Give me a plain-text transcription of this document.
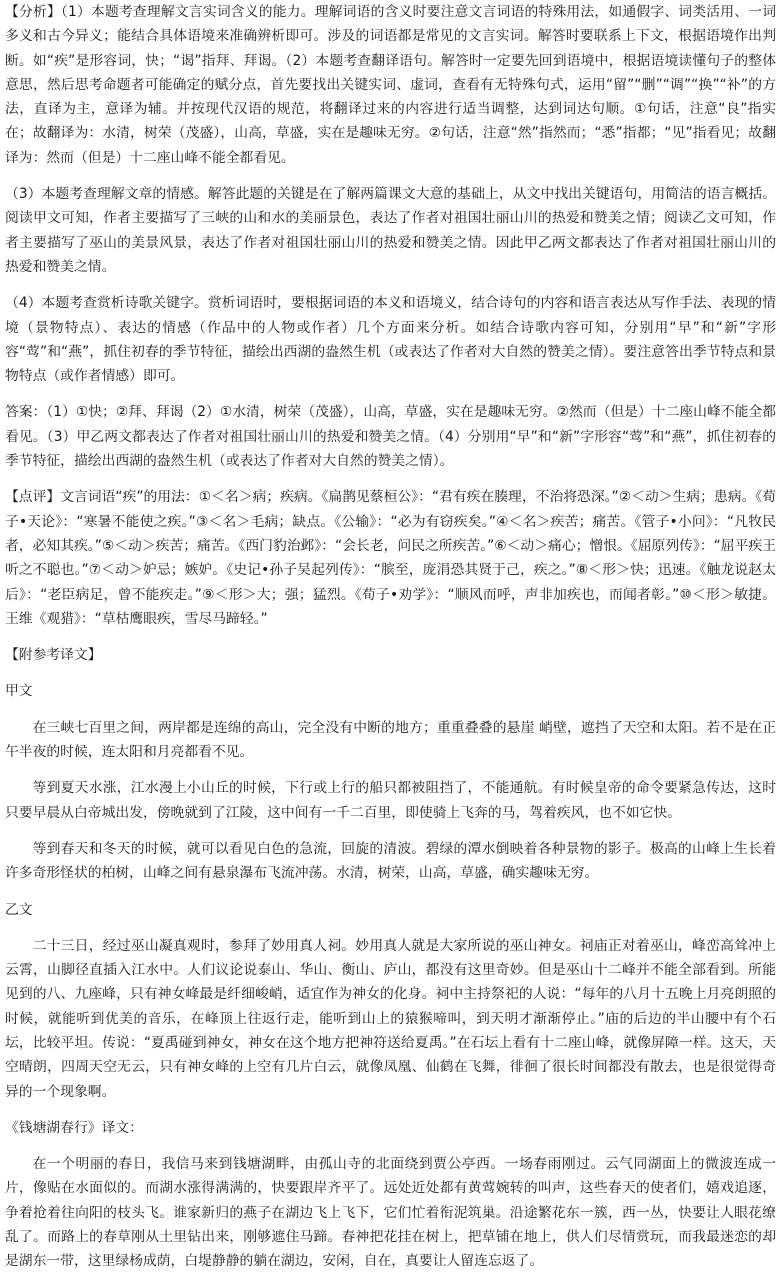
【分析】（1）本题考查理解文言实词含义的能力。理解词语的含义时要注意文言词语的特殊用法，如通假字、词类活用、一词多义和古今异义；能结合具体语境来准确辨析即可。涉及的词语都是常见的文言实词。解答时要联系上下文，根据语境作出判断。如“疾”是形容词，快；“谒”指拜、拜谒。（2）本题考查翻译语句。解答时一定要先回到语境中，根据语境读懂句子的整体意思，然后思考命题者可能确定的赋分点，首先要找出关键实词、虚词，查看有无特殊句式，运用“留”“删”“调”“换”“补”的方法，直译为主，意译为辅。并按现代汉语的规范，将翻译过来的内容进行适当调整，达到词达句顺。①句话，注意“良”指实在；故翻译为：水清，树荣（茂盛），山高，草盛，实在是趣味无穷。②句话，注意“然”指然而；“悉”指都；“见”指看见；故翻译为：然而（但是）十二座山峰不能全都看见。

（3）本题考查理解文章的情感。解答此题的关键是在了解两篇课文大意的基础上，从文中找出关键语句，用简洁的语言概括。阅读甲文可知，作者主要描写了三峡的山和水的美丽景色，表达了作者对祖国壮丽山川的热爱和赞美之情；阅读乙文可知，作者主要描写了巫山的美景风景，表达了作者对祖国壮丽山川的热爱和赞美之情。因此甲乙两文都表达了作者对祖国壮丽山川的热爱和赞美之情。

（4）本题考查赏析诗歌关键字。赏析词语时，要根据词语的本义和语境义，结合诗句的内容和语言表达从写作手法、表现的情境（景物特点）、表达的情感（作品中的人物或作者）几个方面来分析。如结合诗歌内容可知，分别用“早”和“新”字形容“莺”和“燕”，抓住初春的季节特征，描绘出西湖的盎然生机（或表达了作者对大自然的赞美之情）。要注意答出季节特点和景物特点（或作者情感）即可。

答案：（1）①快；②拜、拜谒（2）①水清，树荣（茂盛），山高，草盛，实在是趣味无穷。②然而（但是）十二座山峰不能全都看见。（3）甲乙两文都表达了作者对祖国壮丽山川的热爱和赞美之情。（4）分别用“早”和“新”字形容“莺”和“燕”，抓住初春的季节特征，描绘出西湖的盎然生机（或表达了作者对大自然的赞美之情）。

【点评】文言词语“疾”的用法：①＜名＞病；疾病。《扁鹊见蔡桓公》：“君有疾在腠理，不治将恐深。”②＜动＞生病；患病。《荀子•天论》：“寒暑不能使之疾。”③＜名＞毛病；缺点。《公输》：“必为有窃疾矣。”④＜名＞疾苦；痛苦。《管子•小问》：“凡牧民者，必知其疾。”⑤＜动＞疾苦；痛苦。《西门豹治邺》：“会长老，问民之所疾苦。”⑥＜动＞痛心；憎恨。《屈原列传》：“屈平疾王听之不聪也。”⑦＜动＞妒忌；嫉妒。《史记•孙子吴起列传》：“膑至，庞涓恐其贤于己，疾之。”⑧＜形＞快；迅速。《触龙说赵太后》：“老臣病足，曾不能疾走。”⑨＜形＞大；强；猛烈。《荀子•劝学》：“顺风而呼，声非加疾也，而闻者彰。”⑩＜形＞敏捷。王维《观猎》：“草枯鹰眼疾，雪尽马蹄轻。”

【附参考译文】

甲文

在三峡七百里之间，两岸都是连绵的高山，完全没有中断的地方；重重叠叠的悬崖 峭壁，遮挡了天空和太阳。若不是在正午半夜的时候，连太阳和月亮都看不见。

等到夏天水涨，江水漫上小山丘的时候，下行或上行的船只都被阻挡了，不能通航。有时候皇帝的命令要紧急传达，这时只要早晨从白帝城出发，傍晚就到了江陵，这中间有一千二百里，即使骑上飞奔的马，驾着疾风，也不如它快。

等到春天和冬天的时候，就可以看见白色的急流，回旋的清波。碧绿的潭水倒映着各种景物的影子。极高的山峰上生长着许多奇形怪状的柏树，山峰之间有悬泉瀑布飞流冲荡。水清，树荣，山高，草盛，确实趣味无穷。

乙文

二十三日，经过巫山凝真观时，参拜了妙用真人祠。妙用真人就是大家所说的巫山神女。祠庙正对着巫山，峰峦高耸冲上云霄，山脚径直插入江水中。人们议论说泰山、华山、衡山、庐山，都没有这里奇妙。但是巫山十二峰并不能全部看到。所能见到的八、九座峰，只有神女峰最是纤细峻峭，适宜作为神女的化身。祠中主持祭祀的人说：“每年的八月十五晚上月亮朗照的时候，就能听到优美的音乐，在峰顶上往返行走，能听到山上的猿猴啼叫，到天明才渐渐停止。”庙的后边的半山腰中有个石坛，比较平坦。传说：“夏禹碰到神女，神女在这个地方把神符送给夏禹。”在石坛上看有十二座山峰，就像屏障一样。这天，天空晴朗，四周天空无云，只有神女峰的上空有几片白云，就像凤凰、仙鹤在飞舞，徘徊了很长时间都没有散去，也是很觉得奇异的一个现象啊。

《钱塘湖春行》译文：

在一个明丽的春日，我信马来到钱塘湖畔，由孤山寺的北面绕到贾公亭西。一场春雨刚过。云气同湖面上的微波连成一片，像贴在水面似的。而湖水涨得满满的，快要跟岸齐平了。远处近处都有黄莺婉转的叫声，这些春天的使者们，嬉戏追逐，争着抢着往向阳的枝头飞。谁家新归的燕子在湖边飞上飞下，它们忙着衔泥筑巢。沿途繁花东一簇，西一丛，快要让人眼花缭乱了。而路上的春草刚从土里钻出来，刚够遮住马蹄。春神把花挂在树上，把草铺在地上，供人们尽情赏玩，而我最迷恋的却是湖东一带，这里绿杨成荫，白堤静静的躺在湖边，安闲，自在，真要让人留连忘返了。
